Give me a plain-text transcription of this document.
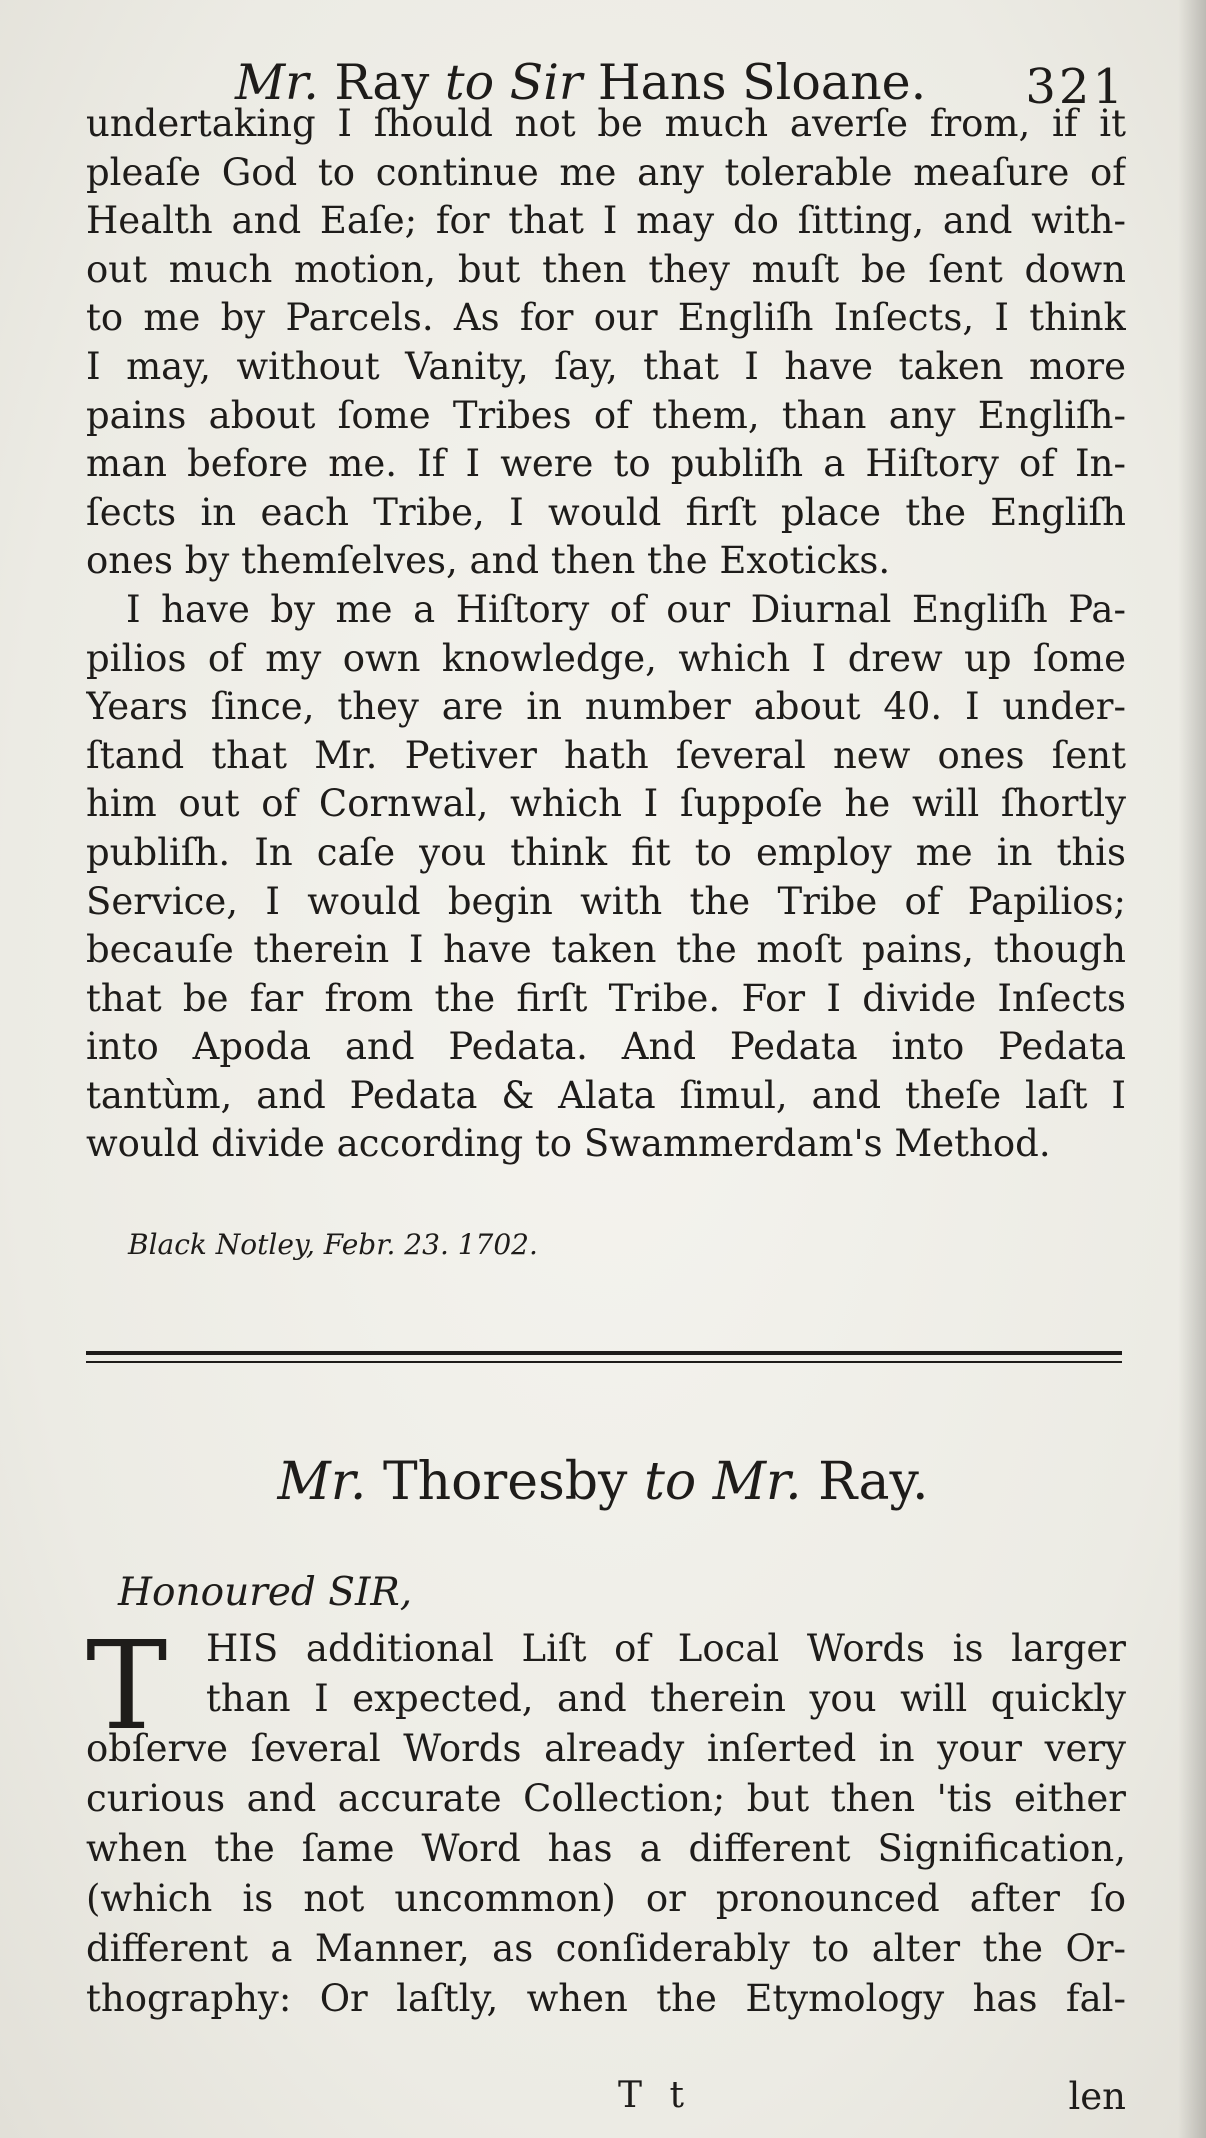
Mr. Ray to Sir Hans Sloane.	321
undertaking I ſhould not be much averſe from, if it
pleaſe God to continue me any tolerable meaſure of
Health and Eaſe; for that I may do ſitting, and with-
out much motion, but then they muſt be ſent down
to me by Parcels. As for our Engliſh Inſects, I think
I may, without Vanity, ſay, that I have taken more
pains about ſome Tribes of them, than any Engliſh-
man before me. If I were to publiſh a Hiſtory of In-
ſects in each Tribe, I would firſt place the Engliſh
ones by themſelves, and then the Exoticks.
I have by me a Hiſtory of our Diurnal Engliſh Pa-
pilios of my own knowledge, which I drew up ſome
Years ſince, they are in number about 40. I under-
ſtand that Mr. Petiver hath ſeveral new ones ſent
him out of Cornwal, which I ſuppoſe he will ſhortly
publiſh. In caſe you think fit to employ me in this
Service, I would begin with the Tribe of Papilios;
becauſe therein I have taken the moſt pains, though
that be far from the firſt Tribe. For I divide Inſects
into Apoda and Pedata. And Pedata into Pedata
tantùm, and Pedata & Alata ſimul, and theſe laſt I
would divide according to Swammerdam's Method.
Black Notley, Febr. 23. 1702.
Mr. Thoresby to Mr. Ray.
Honoured SIR,
T	HIS additional Liſt of Local Words is larger
than I expected, and therein you will quickly
obſerve ſeveral Words already inſerted in your very
curious and accurate Collection; but then 'tis either
when the ſame Word has a different Signification,
(which is not uncommon) or pronounced after ſo
different a Manner, as conſiderably to alter the Or-
thography: Or laſtly, when the Etymology has fal-
T t	len
